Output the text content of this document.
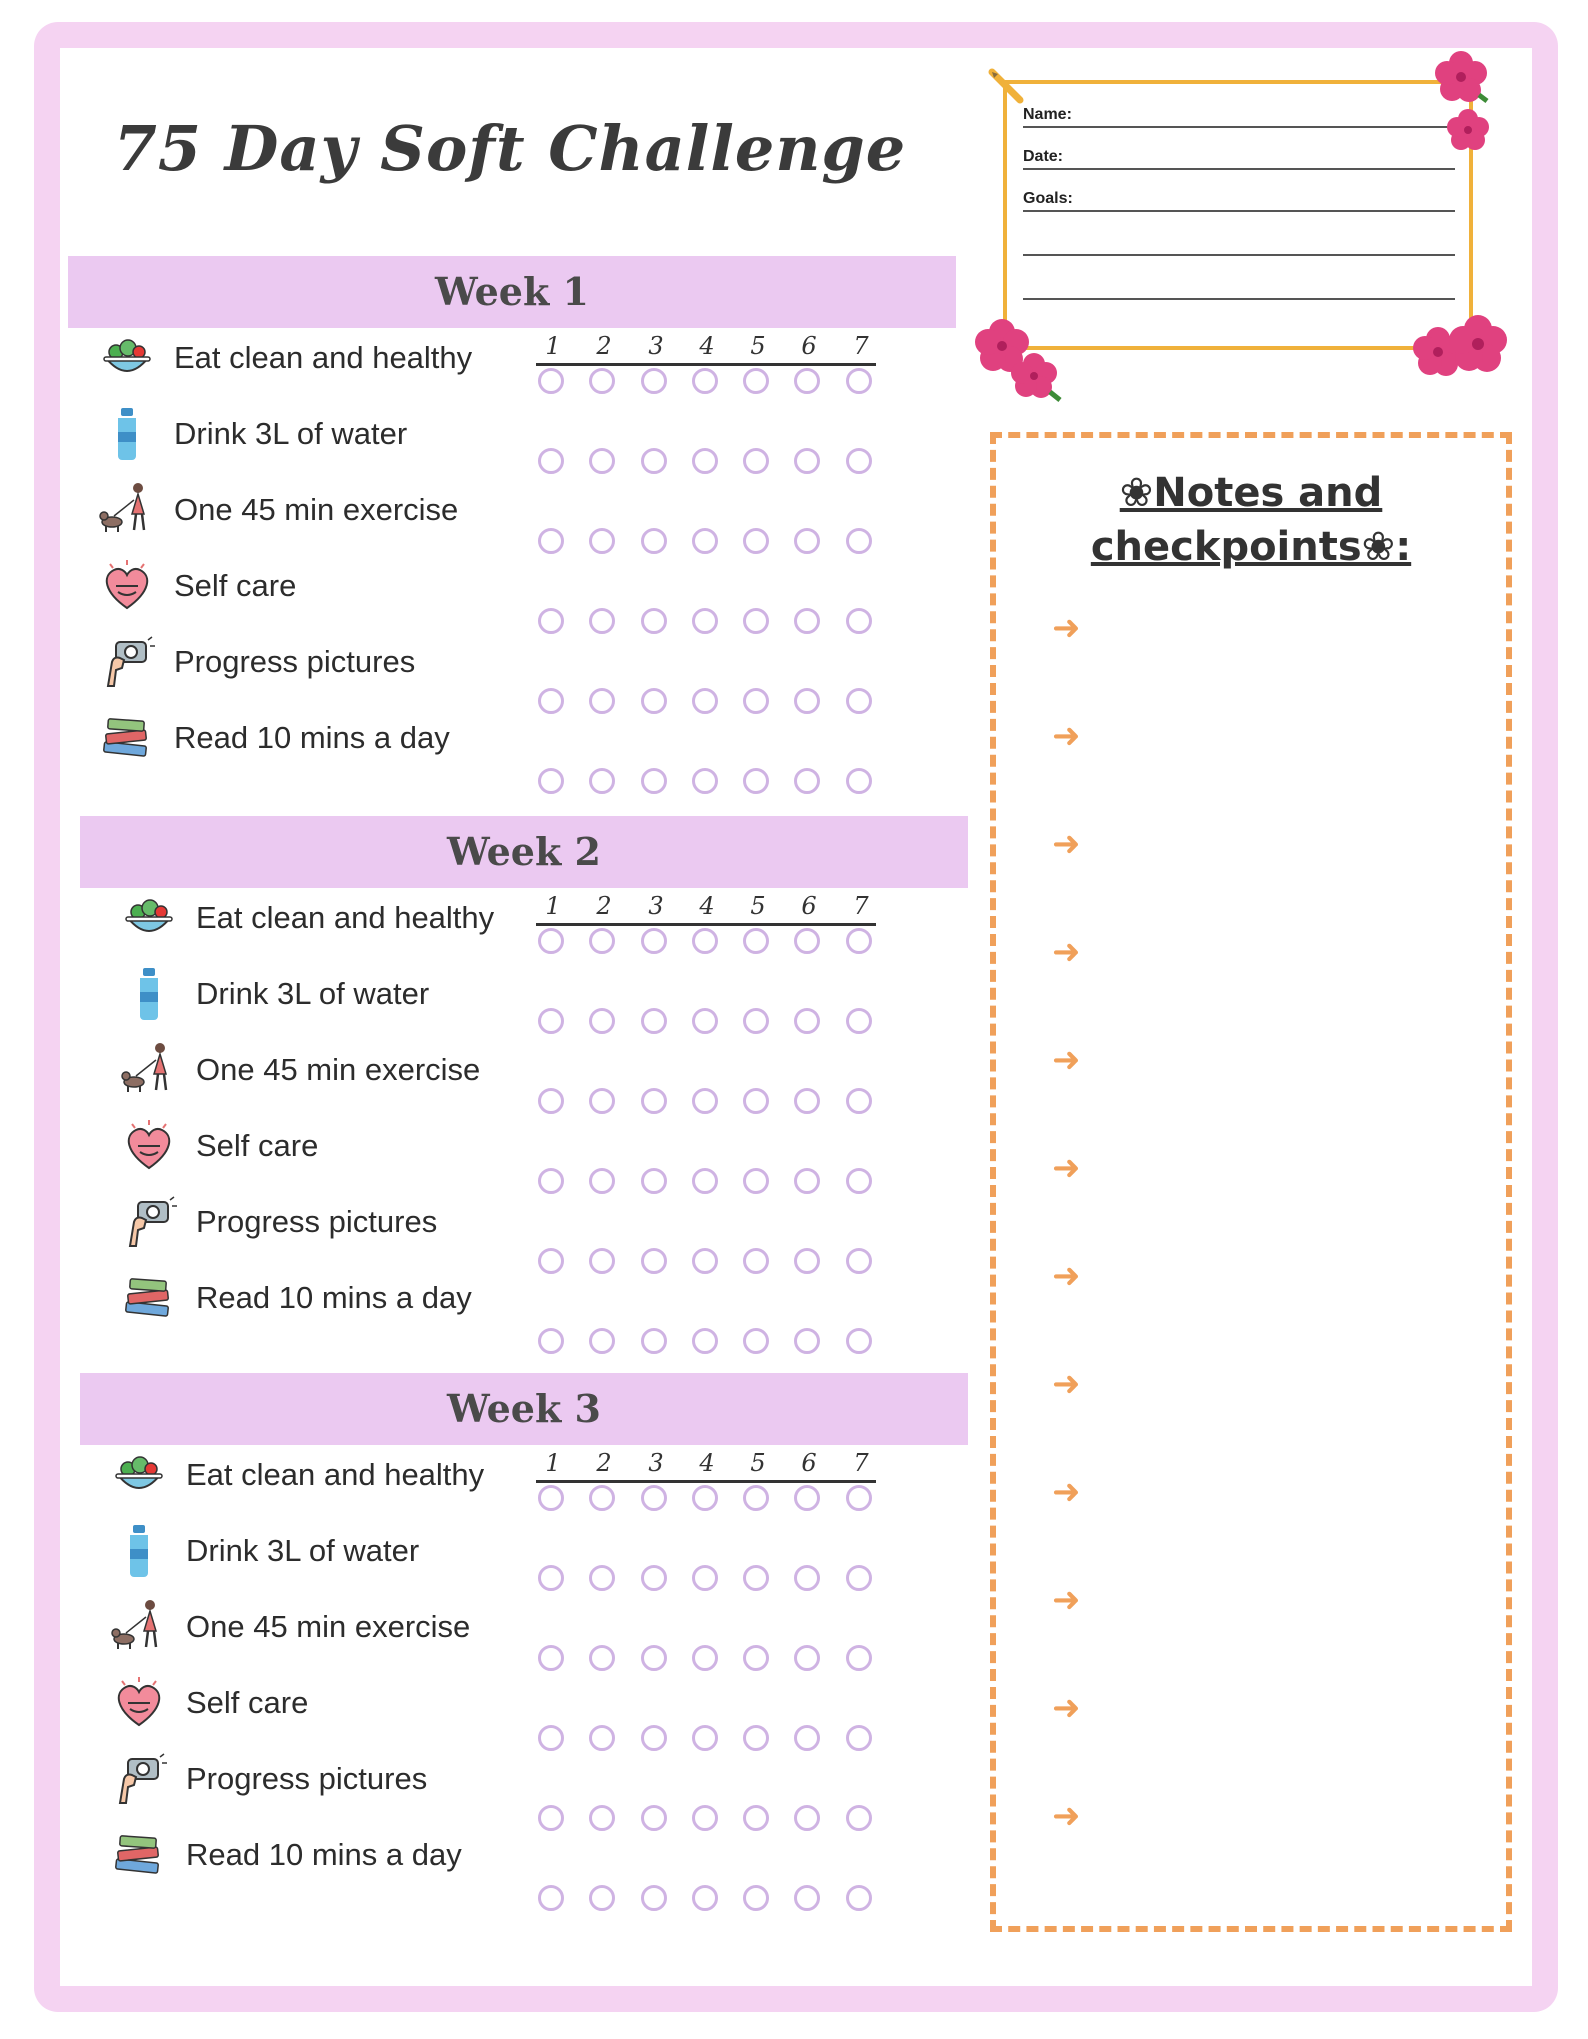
75 Day Soft Challenge
Week 1
1	2	3	4	5	6	7
Eat clean and healthy
Drink 3L of water
One 45 min exercise
Self care
Progress pictures
Read 10 mins a day
Week 2
1	2	3	4	5	6	7
Eat clean and healthy
Drink 3L of water
One 45 min exercise
Self care
Progress pictures
Read 10 mins a day
Week 3
1	2	3	4	5	6	7
Eat clean and healthy
Drink 3L of water
One 45 min exercise
Self care
Progress pictures
Read 10 mins a day
Name:
Date:
Goals:
❀Notes and
checkpoints❀:
➜
➜
➜
➜
➜
➜
➜
➜
➜
➜
➜
➜
